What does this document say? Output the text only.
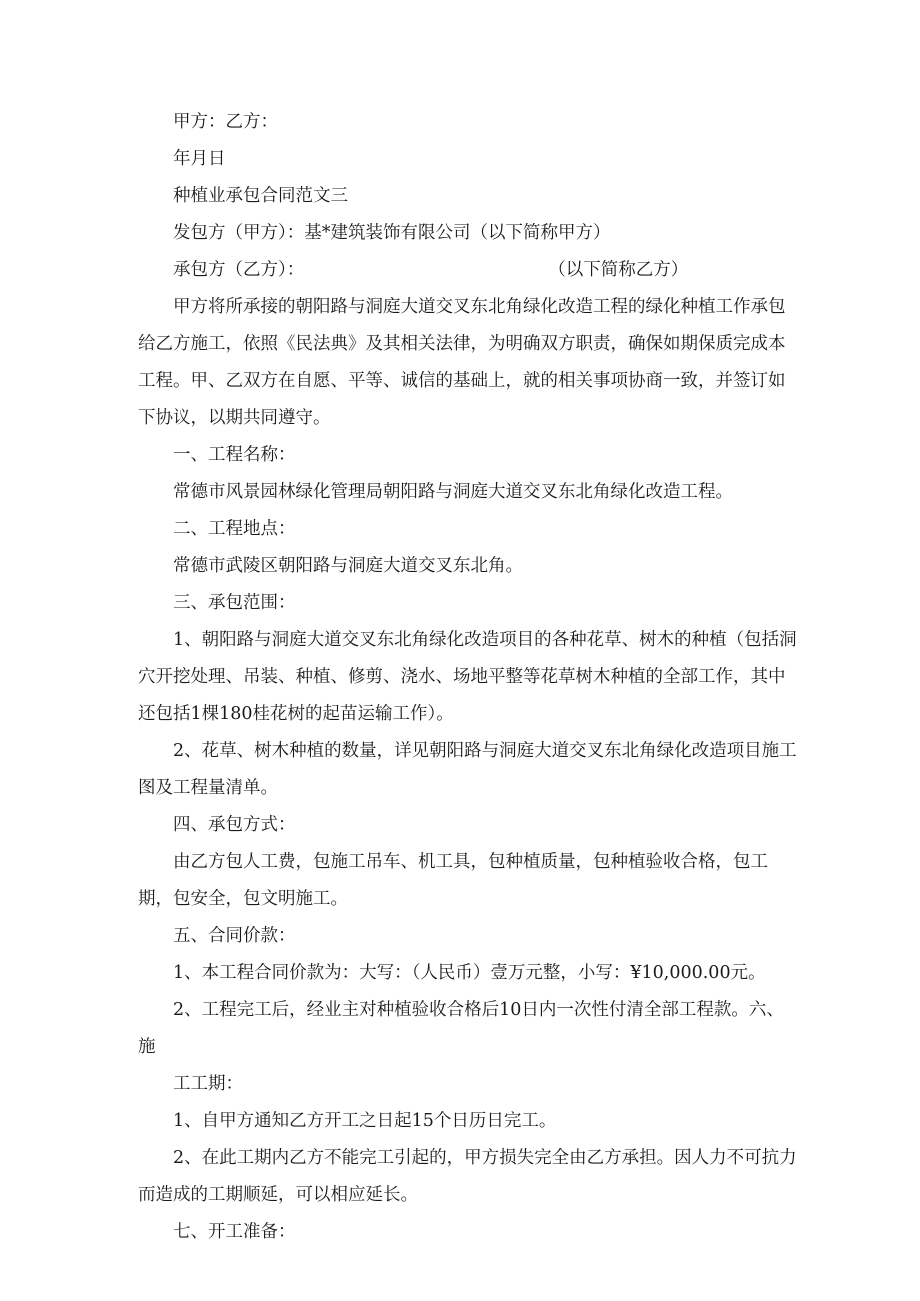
甲方：乙方：

年月日

种植业承包合同范文三

发包方（甲方）：基*建筑装饰有限公司（以下简称甲方）

承包方（乙方）：	（以下简称乙方）

甲方将所承接的朝阳路与洞庭大道交叉东北角绿化改造工程的绿化种植工作承包给乙方施工，依照《民法典》及其相关法律，为明确双方职责，确保如期保质完成本工程。甲、乙双方在自愿、平等、诚信的基础上，就的相关事项协商一致，并签订如下协议，以期共同遵守。

一、工程名称：

常德市风景园林绿化管理局朝阳路与洞庭大道交叉东北角绿化改造工程。

二、工程地点：

常德市武陵区朝阳路与洞庭大道交叉东北角。

三、承包范围：

1、朝阳路与洞庭大道交叉东北角绿化改造项目的各种花草、树木的种植（包括洞穴开挖处理、吊装、种植、修剪、浇水、场地平整等花草树木种植的全部工作，其中还包括1棵180桂花树的起苗运输工作）。

2、花草、树木种植的数量，详见朝阳路与洞庭大道交叉东北角绿化改造项目施工图及工程量清单。

四、承包方式：

由乙方包人工费，包施工吊车、机工具，包种植质量，包种植验收合格，包工期，包安全，包文明施工。

五、合同价款：

1、本工程合同价款为：大写：（人民币）壹万元整，小写：¥10,000.00元。

2、工程完工后，经业主对种植验收合格后10日内一次性付清全部工程款。六、施

工工期：

1、自甲方通知乙方开工之日起15个日历日完工。

2、在此工期内乙方不能完工引起的，甲方损失完全由乙方承担。因人力不可抗力而造成的工期顺延，可以相应延长。

七、开工准备：
